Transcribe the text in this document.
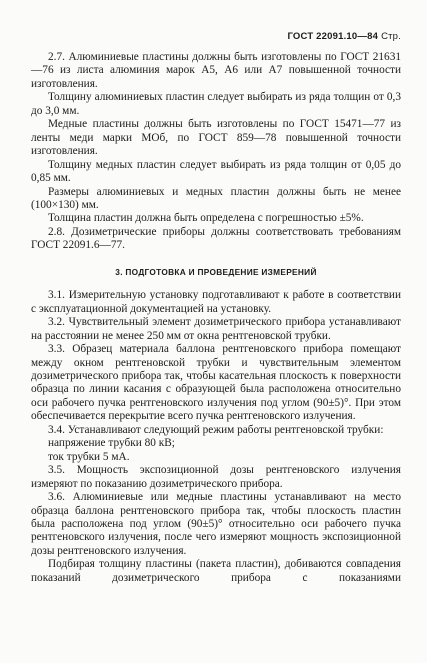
ГОСТ 22091.10—84 Стр.

2.7. Алюминиевые пластины должны быть изготовлены по ГОСТ 21631—76 из листа алюминия марок А5, А6 или А7 повышенной точности изготовления.

Толщину алюминиевых пластин следует выбирать из ряда толщин от 0,3 до 3,0 мм.

Медные пластины должны быть изготовлены по ГОСТ 15471—77 из ленты меди марки МОб, по ГОСТ 859—78 повышенной точности изготовления.

Толщину медных пластин следует выбирать из ряда толщин от 0,05 до 0,85 мм.

Размеры алюминиевых и медных пластин должны быть не менее (100×130) мм.

Толщина пластин должна быть определена с погрешностью ±5%.

2.8. Дозиметрические приборы должны соответствовать требованиям ГОСТ 22091.6—77.

3. ПОДГОТОВКА И ПРОВЕДЕНИЕ ИЗМЕРЕНИЙ

3.1. Измерительную установку подготавливают к работе в соответствии с эксплуатационной документацией на установку.

3.2. Чувствительный элемент дозиметрического прибора устанавливают на расстоянии не менее 250 мм от окна рентгеновской трубки.

3.3. Образец материала баллона рентгеновского прибора помещают между окном рентгеновской трубки и чувствительным элементом дозиметрического прибора так, чтобы касательная плоскость к поверхности образца по линии касания с образующей была расположена относительно оси рабочего пучка рентгеновского излучения под углом (90±5)°. При этом обеспечивается перекрытие всего пучка рентгеновского излучения.

3.4. Устанавливают следующий режим работы рентгеновской трубки:

напряжение трубки 80 кВ;

ток трубки 5 мА.

3.5. Мощность экспозиционной дозы рентгеновского излучения измеряют по показанию дозиметрического прибора.

3.6. Алюминиевые или медные пластины устанавливают на место образца баллона рентгеновского прибора так, чтобы плоскость пластин была расположена под углом (90±5)° относительно оси рабочего пучка рентгеновского излучения, после чего измеряют мощность экспозиционной дозы рентгеновского излучения.

Подбирая толщину пластины (пакета пластин), добиваются совпадения показаний дозиметрического прибора с показаниями
